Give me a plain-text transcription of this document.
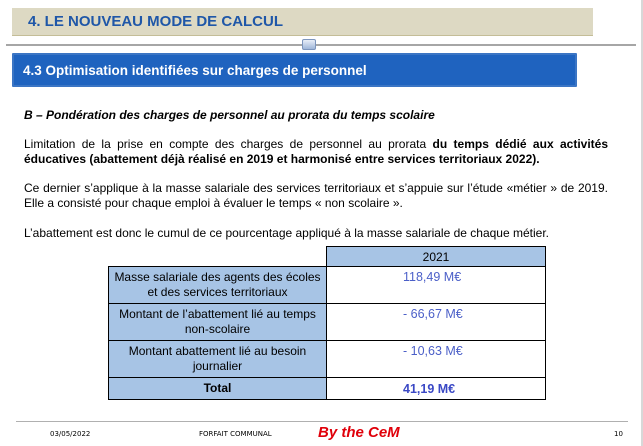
4. LE NOUVEAU MODE DE CALCUL
4.3 Optimisation identifiées sur charges de personnel
B – Pondération des charges de personnel au prorata du temps scolaire
Limitation de la prise en compte des charges de personnel au prorata du temps dédié aux activités éducatives (abattement déjà réalisé en 2019 et harmonisé entre services territoriaux 2022).
Ce dernier s’applique à la masse salariale des services territoriaux et s’appuie sur l’étude «métier » de 2019. Elle a consisté pour chaque emploi à évaluer le temps « non scolaire ».
L’abattement est donc le cumul de ce pourcentage appliqué à la masse salariale de chaque métier.
	2021
Masse salariale des agents des écoles et des services territoriaux	118,49 M€
Montant de l’abattement lié au temps non-scolaire	- 66,67 M€
Montant abattement lié au besoin journalier	- 10,63 M€
Total	41,19 M€
03/05/2022	FORFAIT COMMUNAL	By the CeM	10
